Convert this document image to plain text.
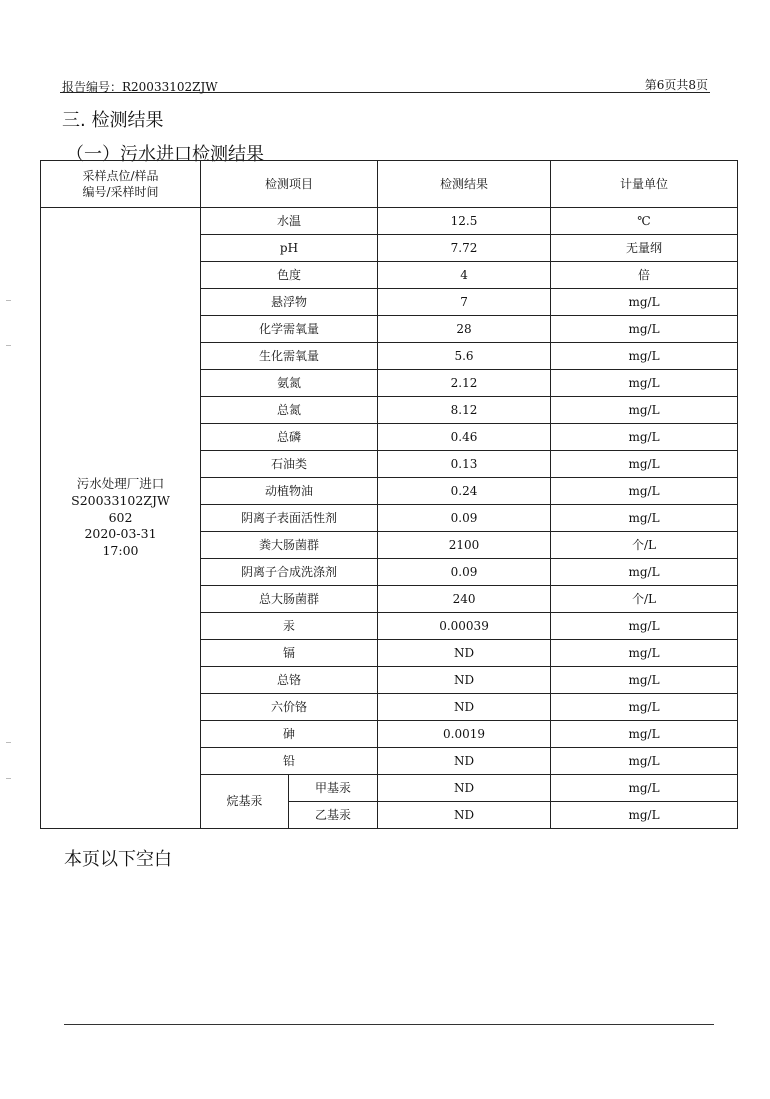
报告编号：R20033102ZJW	第6页共8页
三. 检测结果
（一）污水进口检测结果
采样点位/样品
编号/采样时间	检测项目		检测结果	计量单位
污水处理厂进口
S20033102ZJW
602
2020-03-31
17:00	水温		12.5	℃
	pH		7.72	无量纲
	色度		4	倍
	悬浮物		7	mg/L
	化学需氧量		28	mg/L
	生化需氧量		5.6	mg/L
	氨氮		2.12	mg/L
	总氮		8.12	mg/L
	总磷		0.46	mg/L
	石油类		0.13	mg/L
	动植物油		0.24	mg/L
	阴离子表面活性剂		0.09	mg/L
	粪大肠菌群		2100	个/L
	阴离子合成洗涤剂		0.09	mg/L
	总大肠菌群		240	个/L
	汞		0.00039	mg/L
	镉		ND	mg/L
	总铬		ND	mg/L
	六价铬		ND	mg/L
	砷		0.0019	mg/L
	铅		ND	mg/L
	烷基汞	甲基汞	ND	mg/L
		乙基汞	ND	mg/L
本页以下空白
